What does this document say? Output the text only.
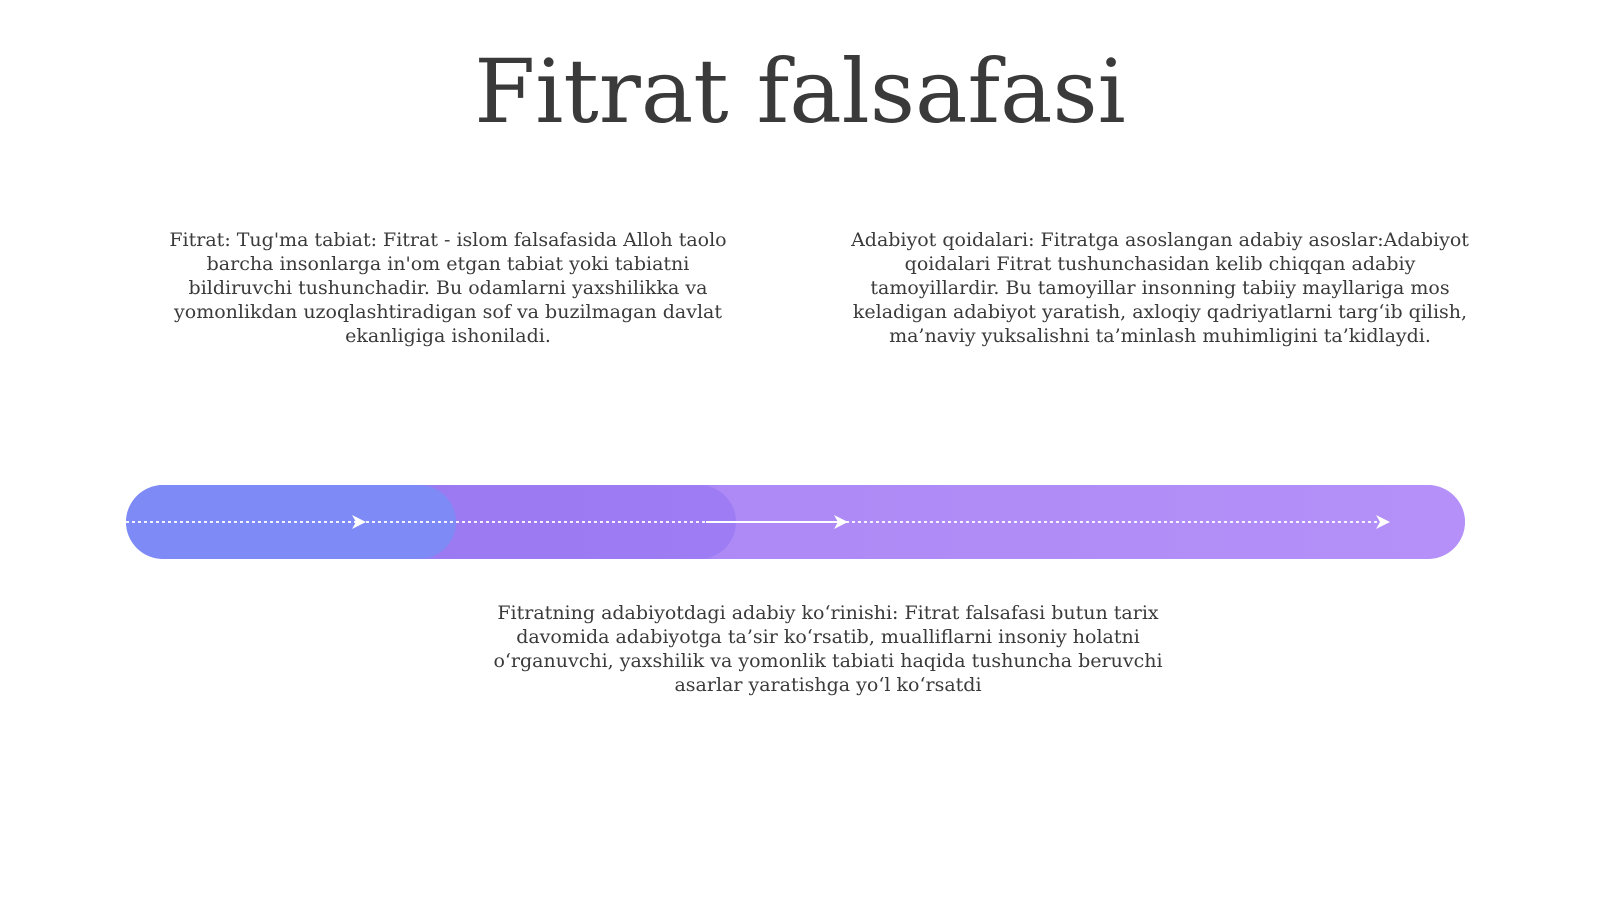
Fitrat falsafasi

Fitrat: Tug'ma tabiat: Fitrat - islom falsafasida Alloh taolo barcha insonlarga in'om etgan tabiat yoki tabiatni bildiruvchi tushunchadir. Bu odamlarni yaxshilikka va yomonlikdan uzoqlashtiradigan sof va buzilmagan davlat ekanligiga ishoniladi.

Adabiyot qoidalari: Fitratga asoslangan adabiy asoslar:Adabiyot qoidalari Fitrat tushunchasidan kelib chiqqan adabiy tamoyillardir. Bu tamoyillar insonning tabiiy mayllariga mos keladigan adabiyot yaratish, axloqiy qadriyatlarni targ‘ib qilish, ma’naviy yuksalishni ta’minlash muhimligini ta’kidlaydi.

Fitratning adabiyotdagi adabiy ko‘rinishi: Fitrat falsafasi butun tarix davomida adabiyotga ta’sir ko‘rsatib, mualliflarni insoniy holatni o‘rganuvchi, yaxshilik va yomonlik tabiati haqida tushuncha beruvchi asarlar yaratishga yo‘l ko‘rsatdi
